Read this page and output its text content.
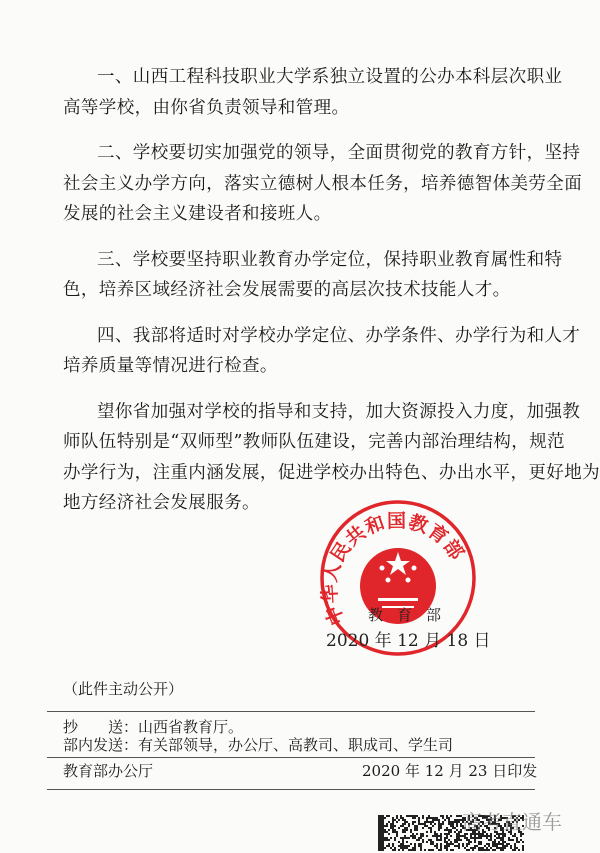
一、山西工程科技职业大学系独立设置的公办本科层次职业
高等学校，由你省负责领导和管理。
二、学校要切实加强党的领导，全面贯彻党的教育方针，坚持
社会主义办学方向，落实立德树人根本任务，培养德智体美劳全面
发展的社会主义建设者和接班人。
三、学校要坚持职业教育办学定位，保持职业教育属性和特
色，培养区域经济社会发展需要的高层次技术技能人才。
四、我部将适时对学校办学定位、办学条件、办学行为和人才
培养质量等情况进行检查。
望你省加强对学校的指导和支持，加大资源投入力度，加强教
师队伍特别是“双师型”教师队伍建设，完善内部治理结构，规范
办学行为，注重内涵发展，促进学校办出特色、办出水平，更好地为
地方经济社会发展服务。
中华人民共和国教育部
教育部
2020 年 12 月 18 日
（此件主动公开）
抄　　送：山西省教育厅。
部内发送：有关部领导，办公厅、高教司、职成司、学生司
教育部办公厅	2020 年 12 月 23 日印发
高考直通车
